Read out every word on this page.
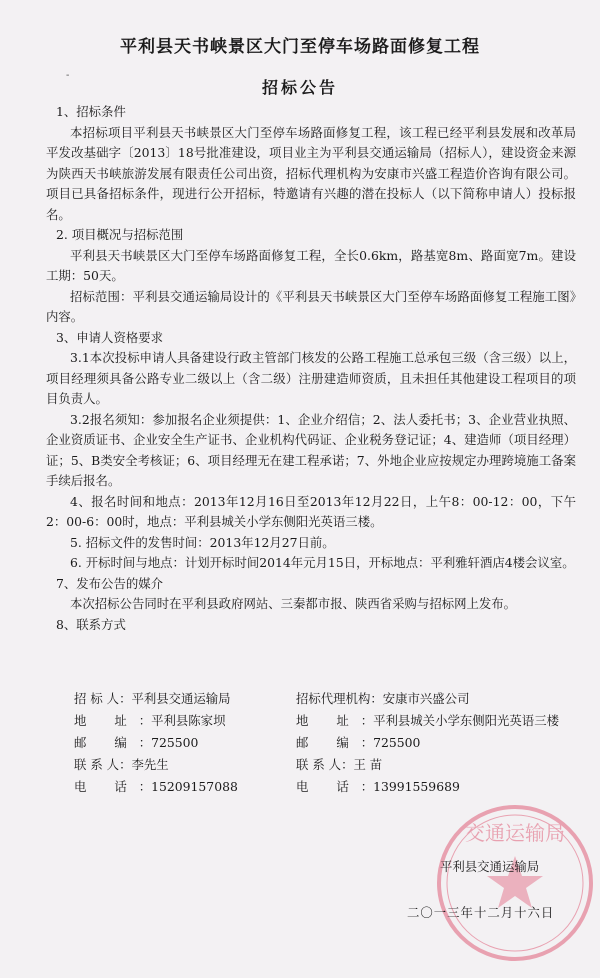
-
平利县天书峡景区大门至停车场路面修复工程
招标公告

1、招标条件

本招标项目平利县天书峡景区大门至停车场路面修复工程，该工程已经平利县发展和改革局平发改基础字〔2013〕18号批准建设，项目业主为平利县交通运输局（招标人），建设资金来源为陕西天书峡旅游发展有限责任公司出资，招标代理机构为安康市兴盛工程造价咨询有限公司。项目已具备招标条件，现进行公开招标，特邀请有兴趣的潜在投标人（以下简称申请人）投标报名。

2. 项目概况与招标范围

平利县天书峡景区大门至停车场路面修复工程，全长0.6km，路基宽8m、路面宽7m。建设工期：50天。

招标范围：平利县交通运输局设计的《平利县天书峡景区大门至停车场路面修复工程施工图》内容。

3、申请人资格要求

3.1本次投标申请人具备建设行政主管部门核发的公路工程施工总承包三级（含三级）以上，项目经理须具备公路专业二级以上（含二级）注册建造师资质，且未担任其他建设工程项目的项目负责人。

3.2报名须知：参加报名企业须提供：1、企业介绍信；2、法人委托书；3、企业营业执照、企业资质证书、企业安全生产证书、企业机构代码证、企业税务登记证；4、建造师（项目经理）证；5、B类安全考核证；6、项目经理无在建工程承诺；7、外地企业应按规定办理跨境施工备案手续后报名。

4、报名时间和地点：2013年12月16日至2013年12月22日，上午8：00-12：00，下午2：00-6：00时，地点：平利县城关小学东侧阳光英语三楼。

5. 招标文件的发售时间：2013年12月27日前。

6. 开标时间与地点：计划开标时间2014年元月15日，开标地点：平利雅轩酒店4楼会议室。

7、发布公告的媒介

本次招标公告同时在平利县政府网站、三秦都市报、陕西省采购与招标网上发布。

8、联系方式

招 标 人：平利县交通运输局	招标代理机构：安康市兴盛公司
地 址：平利县陈家坝	地 址：平利县城关小学东侧阳光英语三楼
邮 编：725500	邮 编：725500
联 系 人：李先生	联 系 人：王 苗
电 话：15209157088	电 话：13991559689
交通运输局
平利县交通运输局
二〇一三年十二月十六日
